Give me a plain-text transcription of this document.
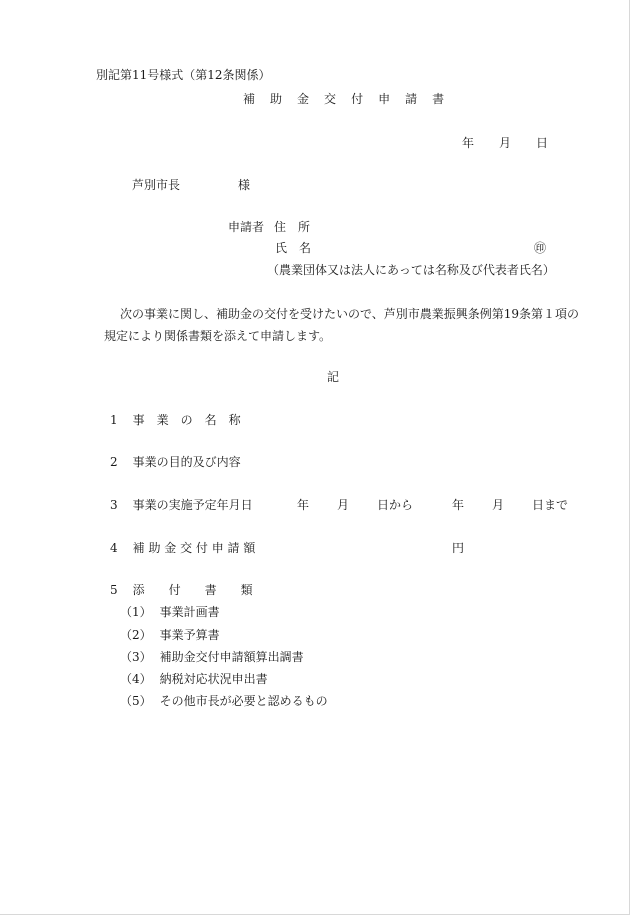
別記第11号様式（第12条関係）
補 助 金 交 付 申 請 書
年 月 日
芦別市長	様
申請者 住　所
氏　名	㊞
（農業団体又は法人にあっては名称及び代表者氏名）
次の事業に関し、補助金の交付を受けたいので、芦別市農業振興条例第19条第１項の
規定により関係書類を添えて申請します。
記
1 事　業　の　名　称
2 事業の目的及び内容
3 事業の実施予定年月日	年 月 日から	年 月 日まで
4 補 助 金 交 付 申 請 額	円
5 添　　付　　書　　類
（1） 事業計画書
（2） 事業予算書
（3） 補助金交付申請額算出調書
（4） 納税対応状況申出書
（5） その他市長が必要と認めるもの
